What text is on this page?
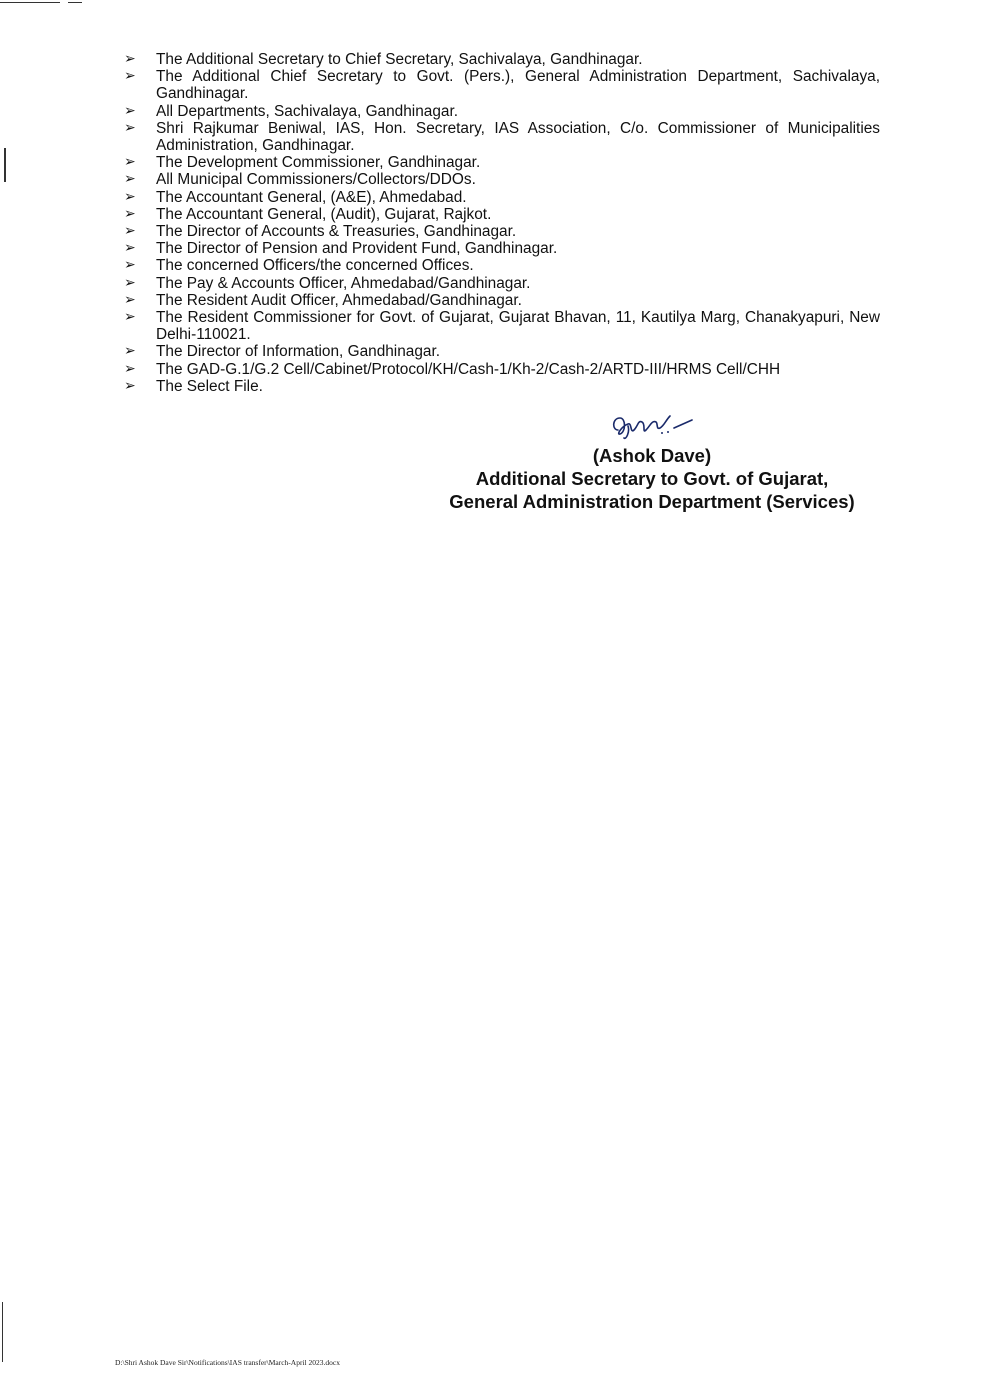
➢ The Additional Secretary to Chief Secretary, Sachivalaya, Gandhinagar.
➢ The Additional Chief Secretary to Govt. (Pers.), General Administration Department, Sachivalaya, Gandhinagar.
➢ All Departments, Sachivalaya, Gandhinagar.
➢ Shri Rajkumar Beniwal, IAS, Hon. Secretary, IAS Association, C/o. Commissioner of Municipalities Administration, Gandhinagar.
➢ The Development Commissioner, Gandhinagar.
➢ All Municipal Commissioners/Collectors/DDOs.
➢ The Accountant General, (A&E), Ahmedabad.
➢ The Accountant General, (Audit), Gujarat, Rajkot.
➢ The Director of Accounts & Treasuries, Gandhinagar.
➢ The Director of Pension and Provident Fund, Gandhinagar.
➢ The concerned Officers/the concerned Offices.
➢ The Pay & Accounts Officer, Ahmedabad/Gandhinagar.
➢ The Resident Audit Officer, Ahmedabad/Gandhinagar.
➢ The Resident Commissioner for Govt. of Gujarat, Gujarat Bhavan, 11, Kautilya Marg, Chanakyapuri, New Delhi-110021.
➢ The Director of Information, Gandhinagar.
➢ The GAD-G.1/G.2 Cell/Cabinet/Protocol/KH/Cash-1/Kh-2/Cash-2/ARTD-III/HRMS Cell/CHH
➢ The Select File.
(Ashok Dave)
Additional Secretary to Govt. of Gujarat,
General Administration Department (Services)
D:\Shri Ashok Dave Sir\Notifications\IAS transfer\March-April 2023.docx
